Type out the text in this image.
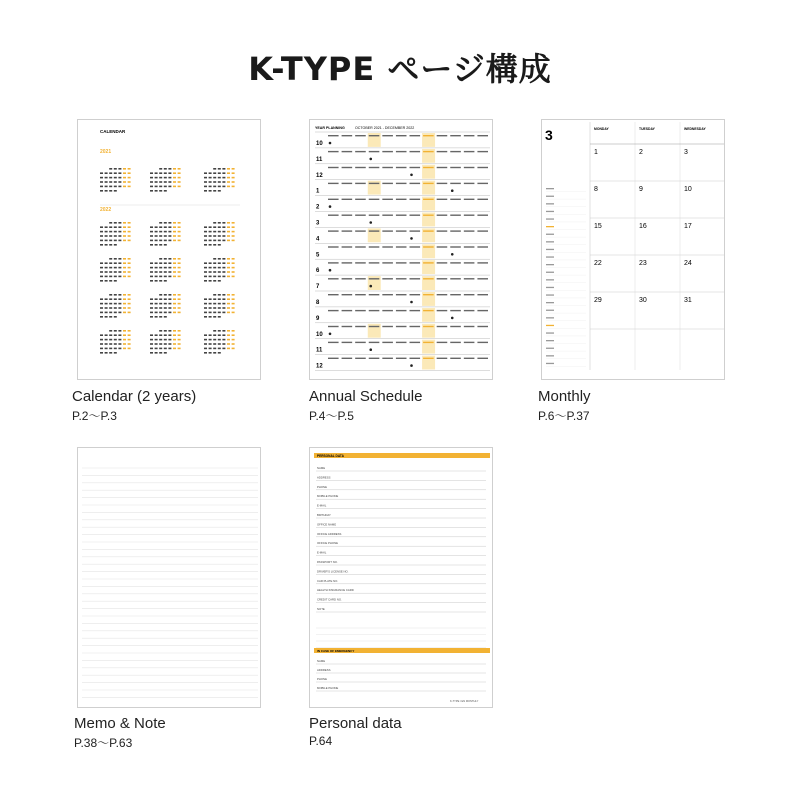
K-TYPE ページ構成
CALENDAR
2021
2022
Calendar (2 years)
P.2〜P.3
YEAR PLANNING	OCTOBER 2021 - DECEMBER 2022
10
11
12
1
2
3
4
5
6
7
8
9
10
11
12
Annual Schedule
P.4〜P.5
3	MONDAY	TUESDAY	WEDNESDAY
1	2	3
8	9	10
15	16	17
22	23	24
29	30	31
Monthly
P.6〜P.37
Memo & Note
P.38〜P.63
PERSONAL DATA
NAME
ADDRESS
PHONE
MOBILE PHONE
E-MAIL
BIRTHDAY
OFFICE NAME
OFFICE ADDRESS
OFFICE PHONE
E-MAIL
PASSPORT NO.
DRIVER'S LICENSE NO.
CAR PLATE NO.
HEALTH INSURANCE CARD
CREDIT CARD NO.
NOTE
IN CASE OF EMERGENCY
NAME
ADDRESS
PHONE
MOBILE PHONE
K-TYPE / EN MONTHLY
Personal data
P.64
